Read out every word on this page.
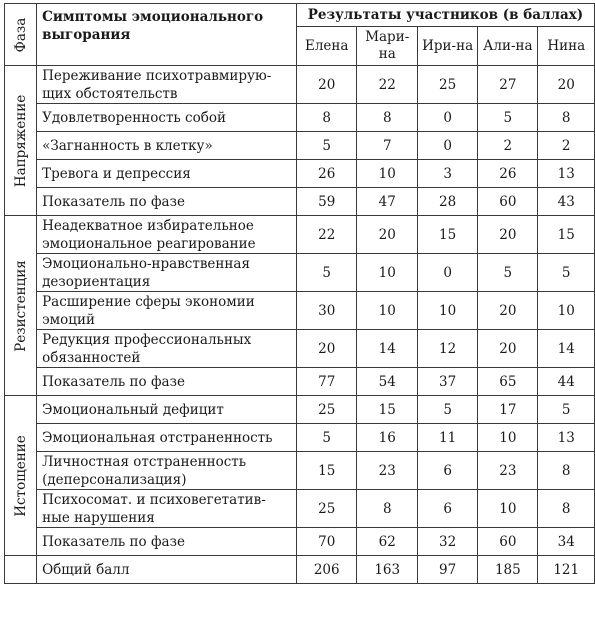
Фаза	Симптомы эмоционального выгорания	Результаты участников (в баллах)				
		Елена	Мари-на	Ири-на	Али-на	Нина

Напряжение	Переживание психотравмирую-щих обстоятельств	20	22	25	27	20
	Удовлетворенность собой	8	8	0	5	8
	«Загнанность в клетку»	5	7	0	2	2
	Тревога и депрессия	26	10	3	26	13
	Показатель по фазе	59	47	28	60	43

Резистенция	Неадекватное избирательное эмоциональное реагирование	22	20	15	20	15
	Эмоционально-нравственная дезориентация	5	10	0	5	5
	Расширение сферы экономии эмоций	30	10	10	20	10
	Редукция профессиональных обязанностей	20	14	12	20	14
	Показатель по фазе	77	54	37	65	44

Истощение	Эмоциональный дефицит	25	15	5	17	5
	Эмоциональная отстраненность	5	16	11	10	13
	Личностная отстраненность (деперсонализация)	15	23	6	23	8
	Психосомат. и психовегетатив-ные нарушения	25	8	6	10	8
	Показатель по фазе	70	62	32	60	34
	Общий балл	206	163	97	185	121
